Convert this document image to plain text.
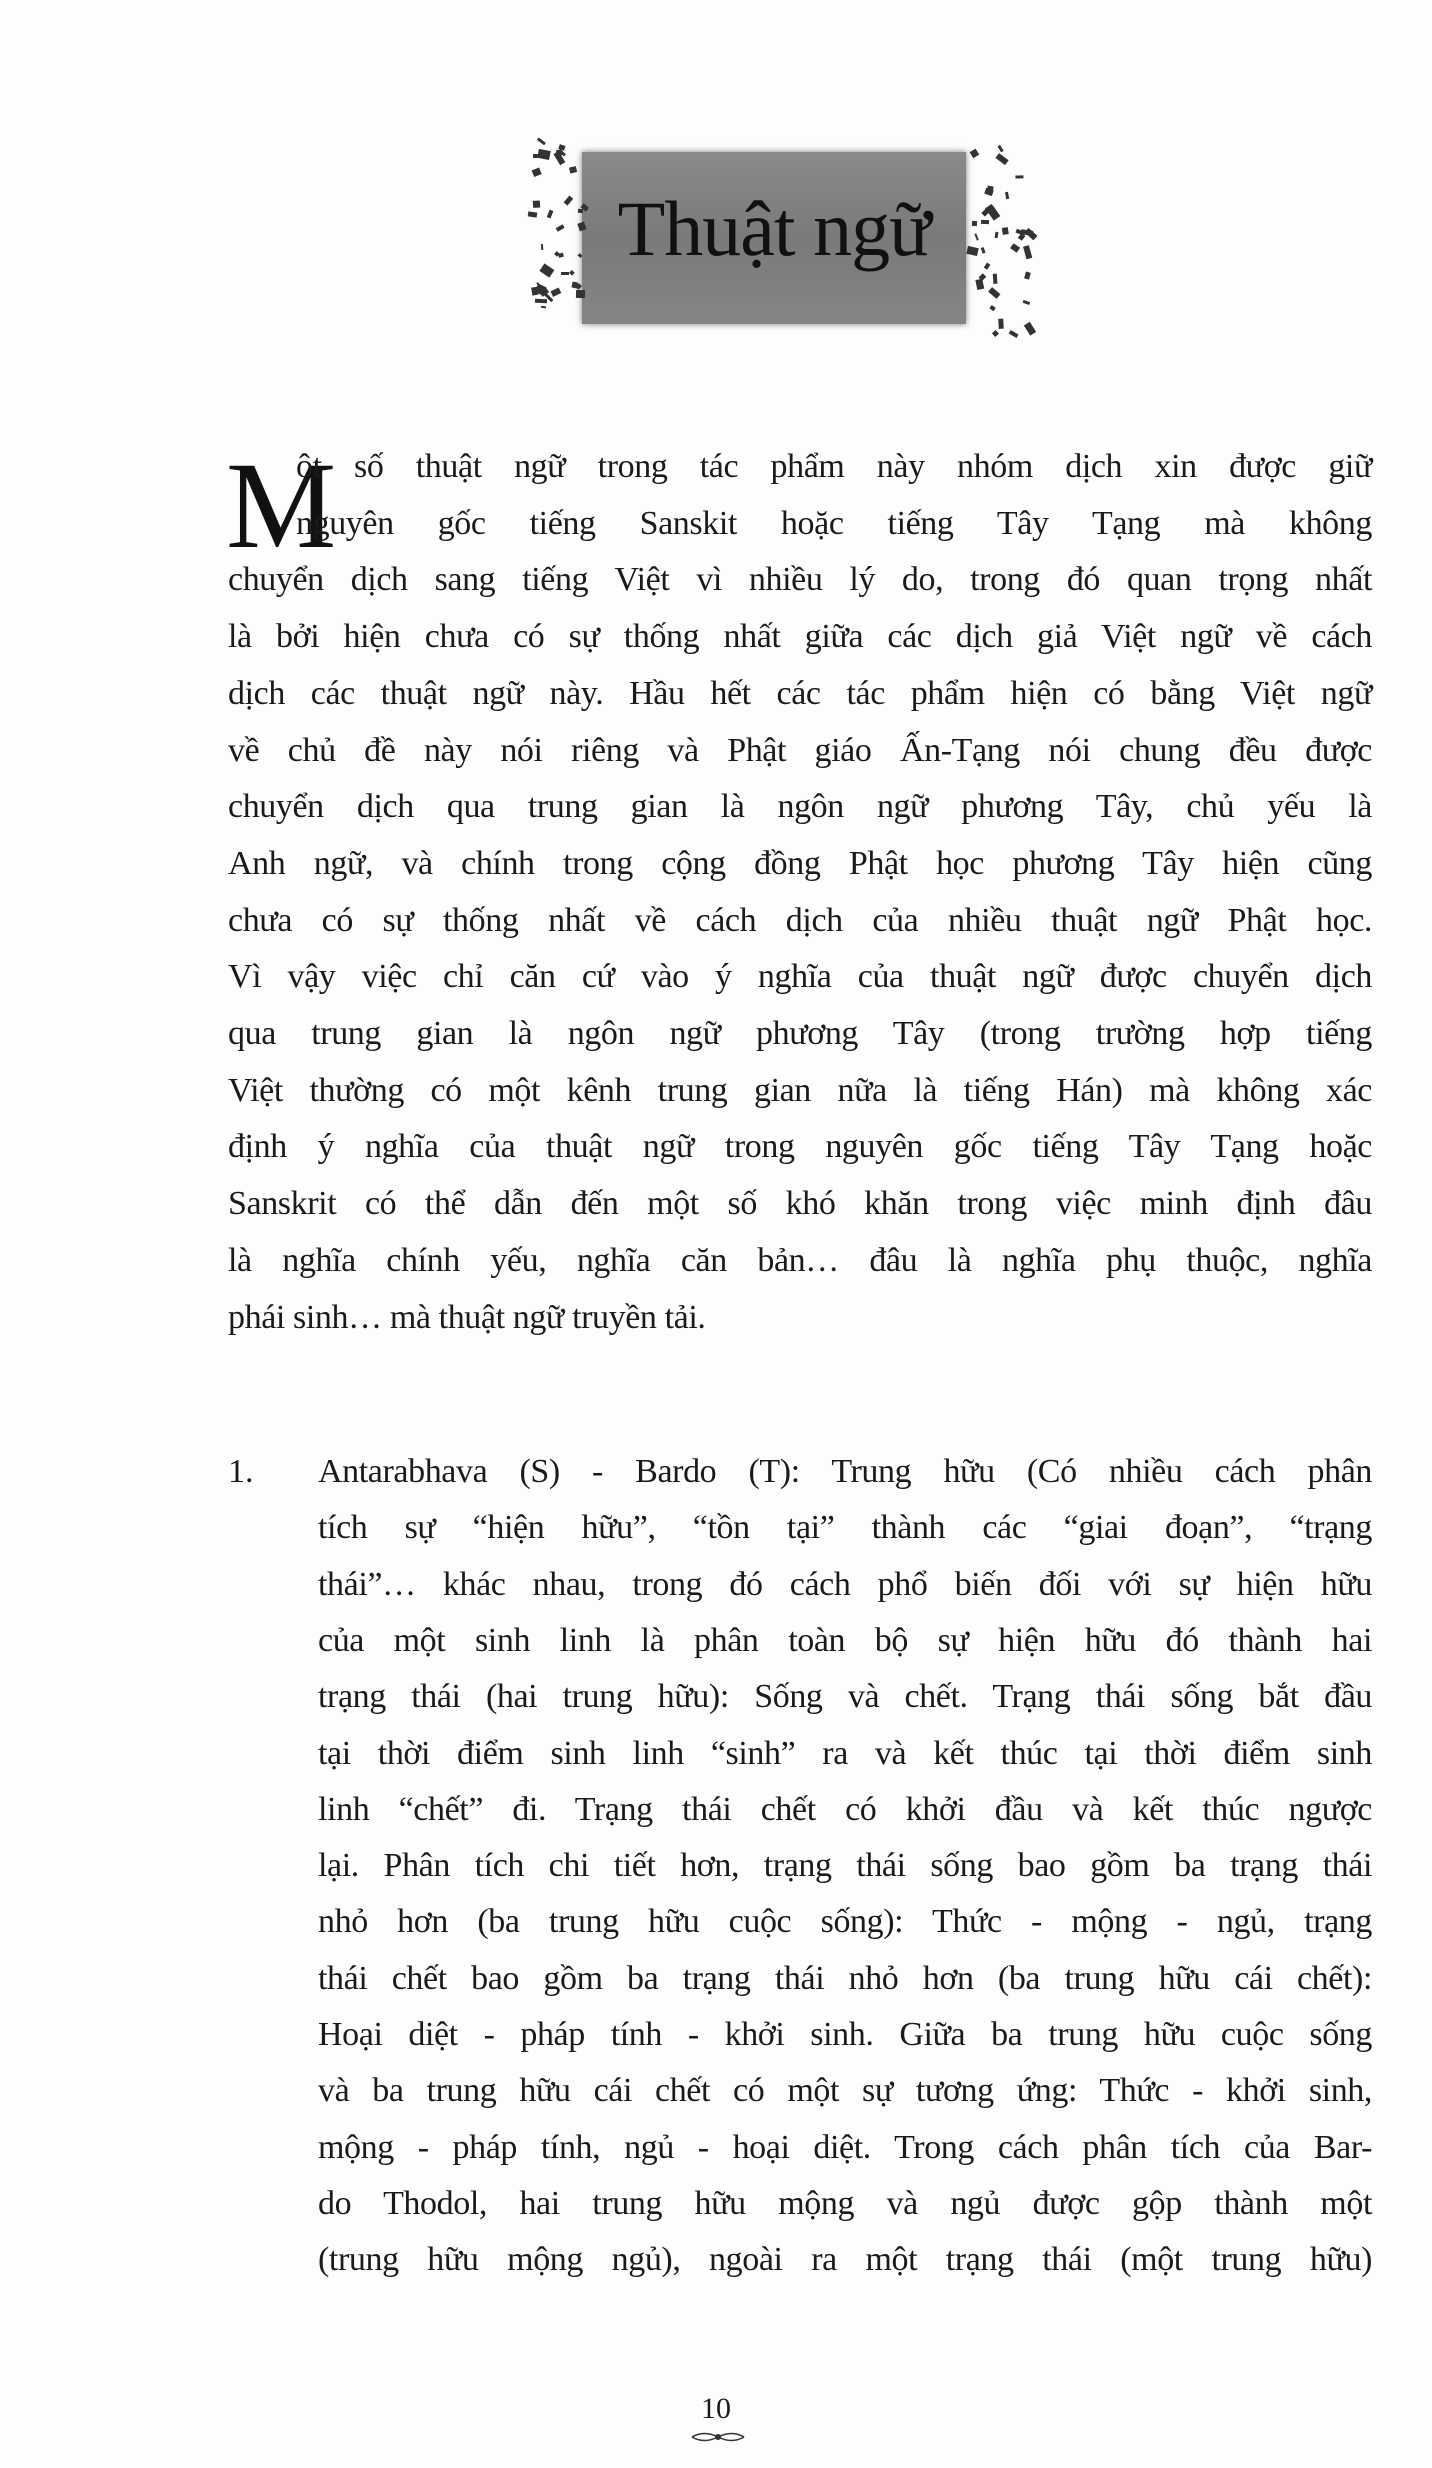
Thuật ngữ
M
ột số thuật ngữ trong tác phẩm này nhóm dịch xin được giữ
nguyên gốc tiếng Sanskit hoặc tiếng Tây Tạng mà không
chuyển dịch sang tiếng Việt vì nhiều lý do, trong đó quan trọng nhất
là bởi hiện chưa có sự thống nhất giữa các dịch giả Việt ngữ về cách
dịch các thuật ngữ này. Hầu hết các tác phẩm hiện có bằng Việt ngữ
về chủ đề này nói riêng và Phật giáo Ấn-Tạng nói chung đều được
chuyển dịch qua trung gian là ngôn ngữ phương Tây, chủ yếu là
Anh ngữ, và chính trong cộng đồng Phật học phương Tây hiện cũng
chưa có sự thống nhất về cách dịch của nhiều thuật ngữ Phật học.
Vì vậy việc chỉ căn cứ vào ý nghĩa của thuật ngữ được chuyển dịch
qua trung gian là ngôn ngữ phương Tây (trong trường hợp tiếng
Việt thường có một kênh trung gian nữa là tiếng Hán) mà không xác
định ý nghĩa của thuật ngữ trong nguyên gốc tiếng Tây Tạng hoặc
Sanskrit có thể dẫn đến một số khó khăn trong việc minh định đâu
là nghĩa chính yếu, nghĩa căn bản… đâu là nghĩa phụ thuộc, nghĩa
phái sinh… mà thuật ngữ truyền tải.
1. Antarabhava (S) - Bardo (T): Trung hữu (Có nhiều cách phân
tích sự “hiện hữu”, “tồn tại” thành các “giai đoạn”, “trạng
thái”… khác nhau, trong đó cách phổ biến đối với sự hiện hữu
của một sinh linh là phân toàn bộ sự hiện hữu đó thành hai
trạng thái (hai trung hữu): Sống và chết. Trạng thái sống bắt đầu
tại thời điểm sinh linh “sinh” ra và kết thúc tại thời điểm sinh
linh “chết” đi. Trạng thái chết có khởi đầu và kết thúc ngược
lại. Phân tích chi tiết hơn, trạng thái sống bao gồm ba trạng thái
nhỏ hơn (ba trung hữu cuộc sống): Thức - mộng - ngủ, trạng
thái chết bao gồm ba trạng thái nhỏ hơn (ba trung hữu cái chết):
Hoại diệt - pháp tính - khởi sinh. Giữa ba trung hữu cuộc sống
và ba trung hữu cái chết có một sự tương ứng: Thức - khởi sinh,
mộng - pháp tính, ngủ - hoại diệt. Trong cách phân tích của Bar-
do Thodol, hai trung hữu mộng và ngủ được gộp thành một
(trung hữu mộng ngủ), ngoài ra một trạng thái (một trung hữu)
10
